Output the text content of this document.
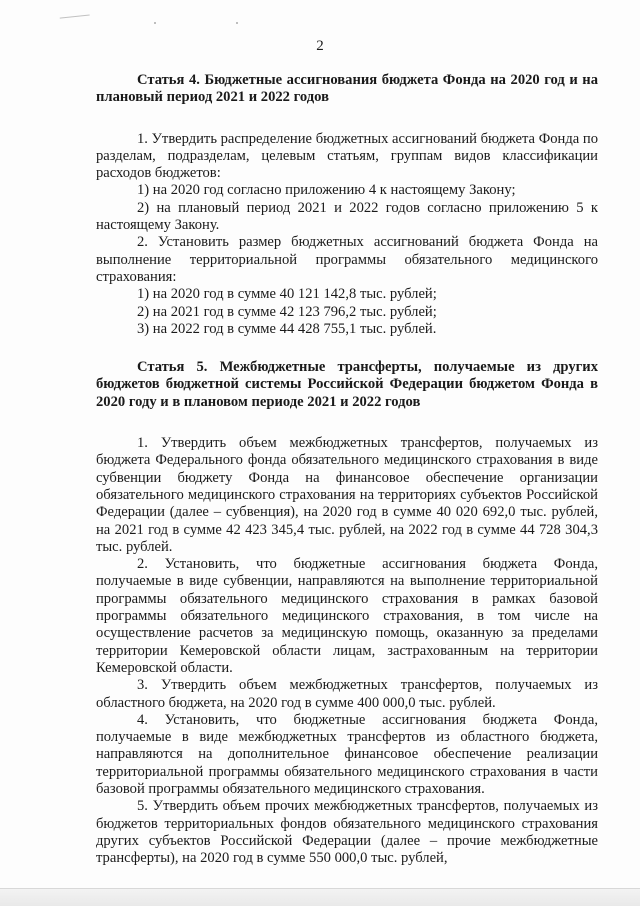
2

Статья 4. Бюджетные ассигнования бюджета Фонда на 2020 год и на плановый период 2021 и 2022 годов

1. Утвердить распределение бюджетных ассигнований бюджета Фонда по разделам, подразделам, целевым статьям, группам видов классификации расходов бюджетов:

1) на 2020 год согласно приложению 4 к настоящему Закону;

2) на плановый период 2021 и 2022 годов согласно приложению 5 к настоящему Закону.

2. Установить размер бюджетных ассигнований бюджета Фонда на выполнение территориальной программы обязательного медицинского страхования:

1) на 2020 год в сумме 40 121 142,8 тыс. рублей;

2) на 2021 год в сумме 42 123 796,2 тыс. рублей;

3) на 2022 год в сумме 44 428 755,1 тыс. рублей.

Статья 5. Межбюджетные трансферты, получаемые из других бюджетов бюджетной системы Российской Федерации бюджетом Фонда в 2020 году и в плановом периоде 2021 и 2022 годов

1. Утвердить объем межбюджетных трансфертов, получаемых из бюджета Федерального фонда обязательного медицинского страхования в виде субвенции бюджету Фонда на финансовое обеспечение организации обязательного медицинского страхования на территориях субъектов Российской Федерации (далее – субвенция), на 2020 год в сумме 40 020 692,0 тыс. рублей, на 2021 год в сумме 42 423 345,4 тыс. рублей, на 2022 год в сумме 44 728 304,3 тыс. рублей.

2. Установить, что бюджетные ассигнования бюджета Фонда, получаемые в виде субвенции, направляются на выполнение территориальной программы обязательного медицинского страхования в рамках базовой программы обязательного медицинского страхования, в том числе на осуществление расчетов за медицинскую помощь, оказанную за пределами территории Кемеровской области лицам, застрахованным на территории Кемеровской области.

3. Утвердить объем межбюджетных трансфертов, получаемых из областного бюджета, на 2020 год в сумме 400 000,0 тыс. рублей.

4. Установить, что бюджетные ассигнования бюджета Фонда, получаемые в виде межбюджетных трансфертов из областного бюджета, направляются на дополнительное финансовое обеспечение реализации территориальной программы обязательного медицинского страхования в части базовой программы обязательного медицинского страхования.

5. Утвердить объем прочих межбюджетных трансфертов, получаемых из бюджетов территориальных фондов обязательного медицинского страхования других субъектов Российской Федерации (далее – прочие межбюджетные трансферты), на 2020 год в сумме 550 000,0 тыс. рублей,
